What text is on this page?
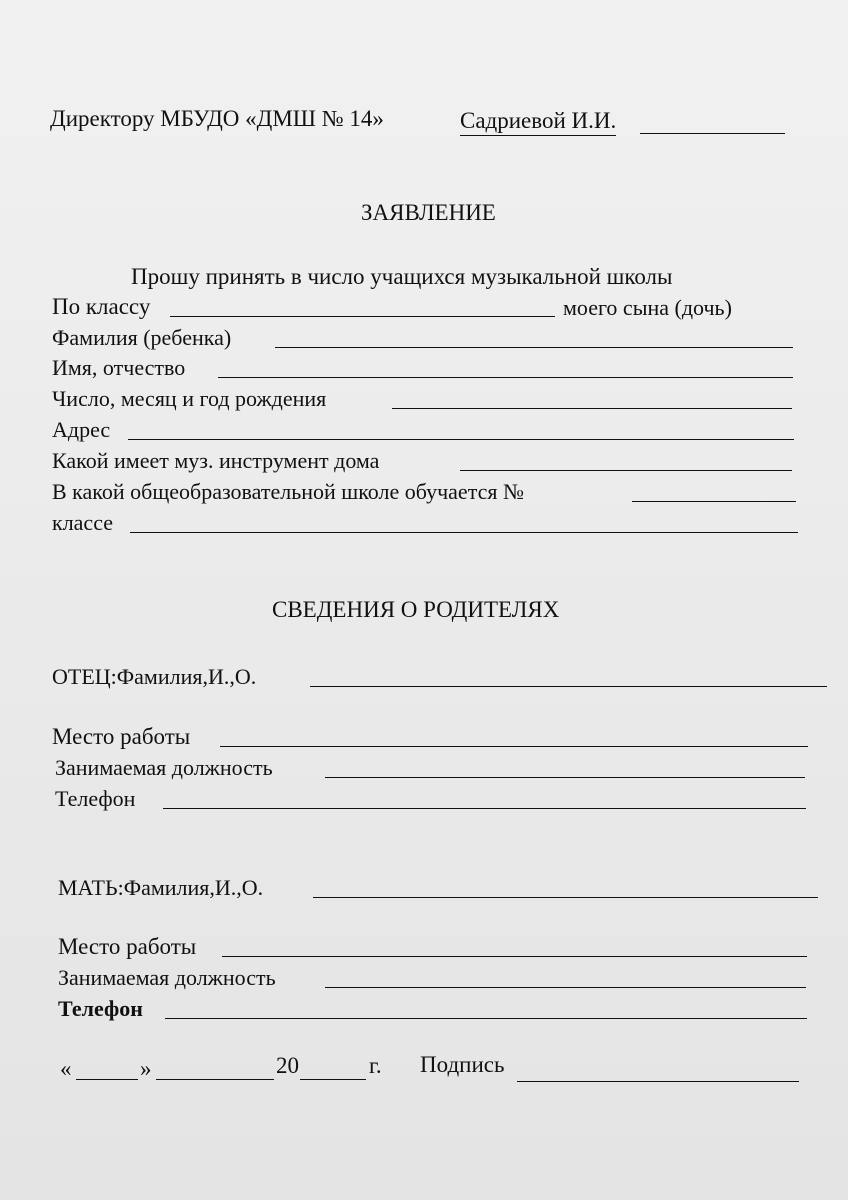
Директору МБУДО «ДМШ № 14»	Садриевой И.И.
ЗАЯВЛЕНИЕ
Прошу принять в число учащихся музыкальной школы
По классу	моего сына (дочь)
Фамилия (ребенка)
Имя, отчество
Число, месяц и год рождения
Адрес
Какой имеет муз. инструмент дома
В какой общеобразовательной школе обучается №
классе
СВЕДЕНИЯ О РОДИТЕЛЯХ
ОТЕЦ:Фамилия,И.,О.
Место работы
Занимаемая должность
Телефон
МАТЬ:Фамилия,И.,О.
Место работы
Занимаемая должность
Телефон
«	»	20	г. Подпись
